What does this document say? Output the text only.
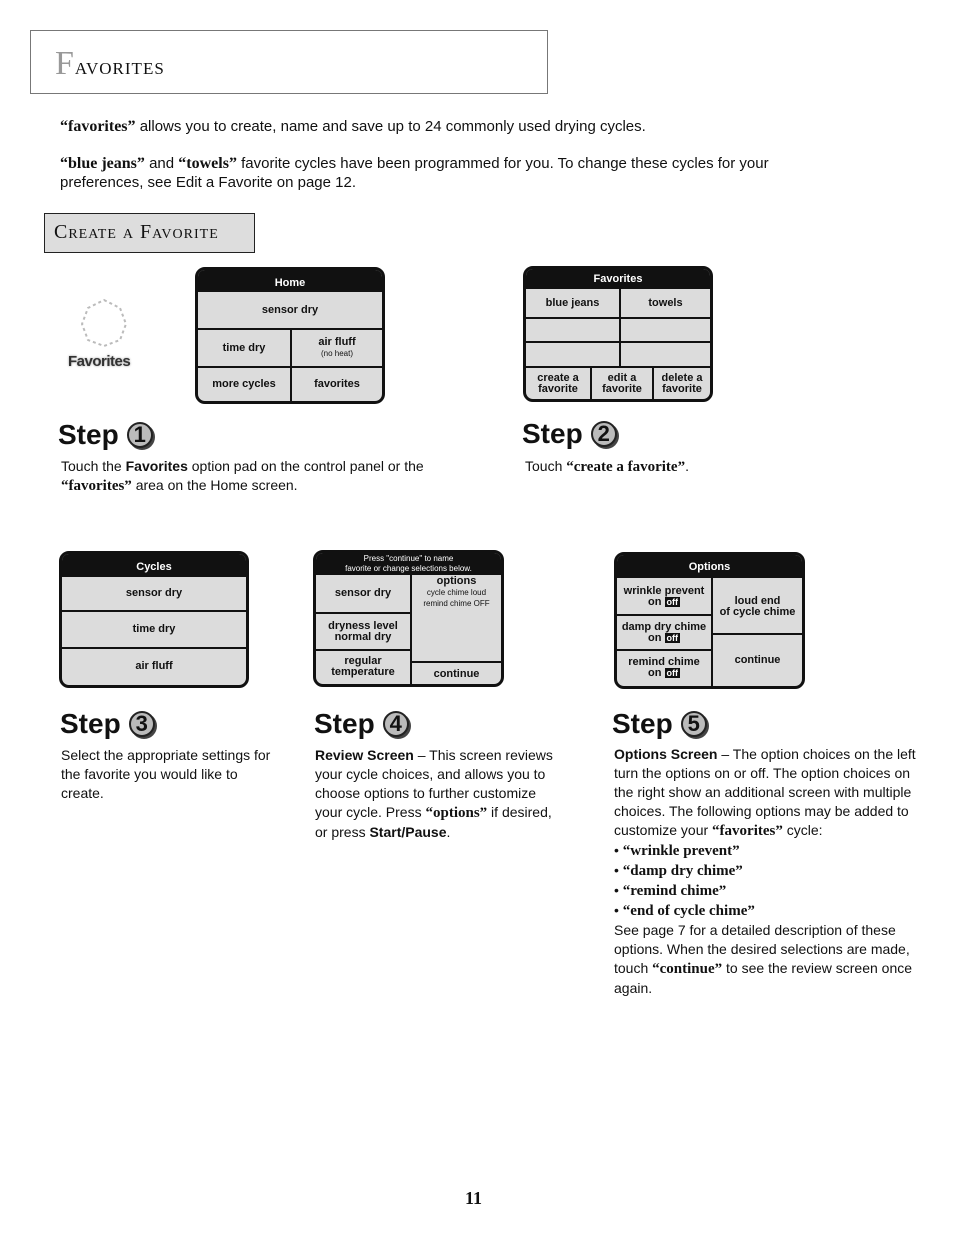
Favorites
“favorites” allows you to create, name and save up to 24 commonly used drying cycles.
“blue jeans” and “towels” favorite cycles have been programmed for you. To change these cycles for your preferences, see Edit a Favorite on page 12.
Create a Favorite
Favorites
Home
sensor dry
time dry	air fluff
(no heat)
more cycles	favorites
Favorites
blue jeans	towels
create a
favorite
edit a
favorite
delete a
favorite
Step 1
Touch the Favorites option pad on the control panel or the “favorites” area on the Home screen.
Step 2
Touch “create a favorite”.
Cycles
sensor dry
time dry
air fluff
Press "continue" to name
favorite or change selections below.
sensor dry
dryness level
normal dry
regular
temperature
options
cycle chime loud
remind chime OFF
continue
Options
wrinkle prevent
on off
damp dry chime
on off
remind chime
on off
loud end
of cycle chime
continue
Step 3
Select the appropriate settings for the favorite you would like to create.
Step 4
Review Screen – This screen reviews your cycle choices, and allows you to choose options to further customize your cycle. Press “options” if desired, or press Start/Pause.
Step 5
Options Screen – The option choices on the left turn the options on or off. The option choices on the right show an additional screen with multiple choices. The following options may be added to customize your “favorites” cycle:
• “wrinkle prevent”
• “damp dry chime”
• “remind chime”
• “end of cycle chime”
See page 7 for a detailed description of these options. When the desired selections are made, touch “continue” to see the review screen once again.
11
